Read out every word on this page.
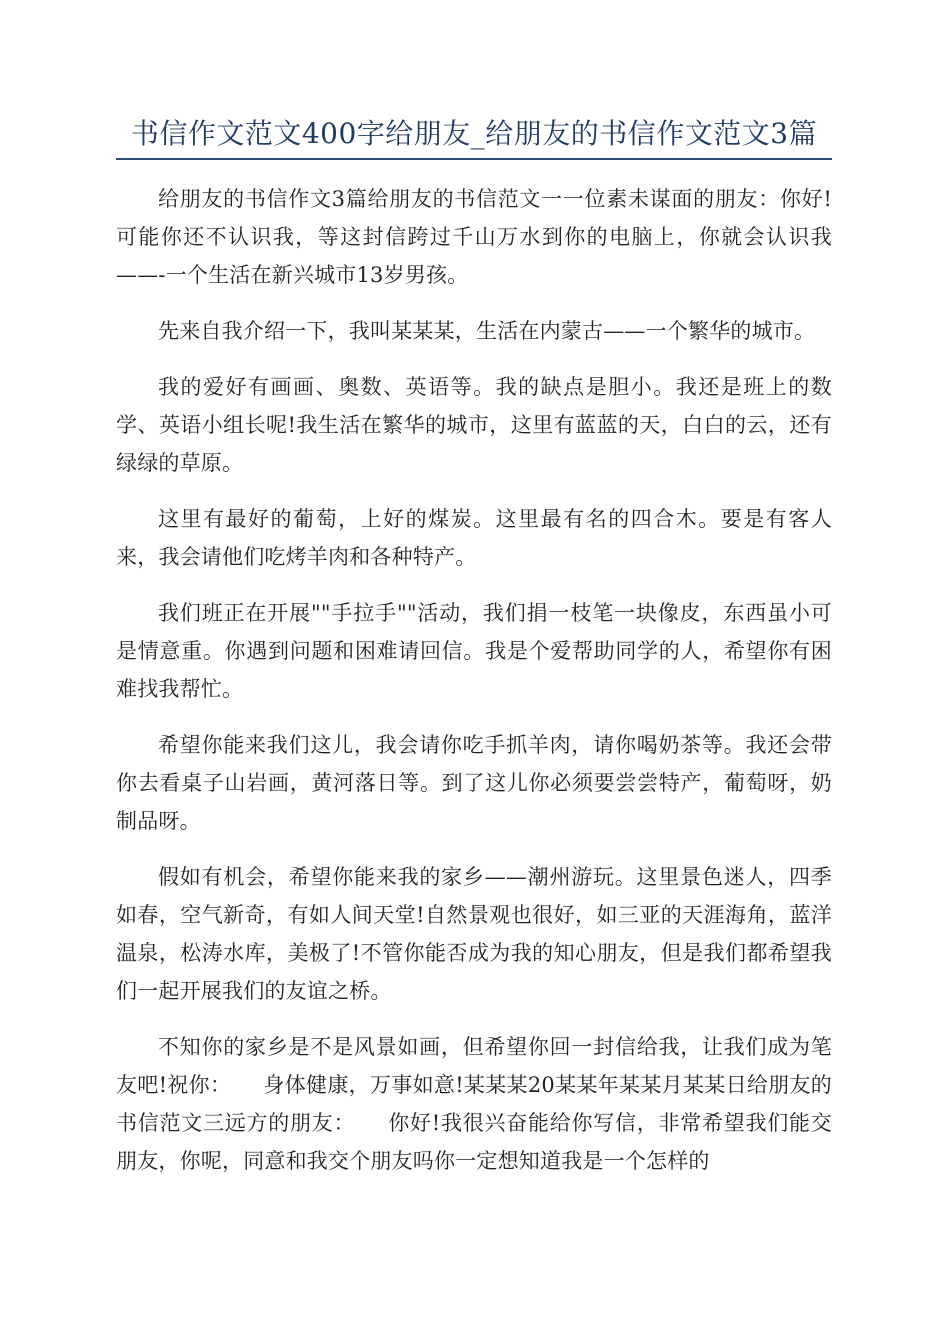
书信作文范文400字给朋友_给朋友的书信作文范文3篇

给朋友的书信作文3篇给朋友的书信范文一一位素未谋面的朋友：你好!可能你还不认识我，等这封信跨过千山万水到你的电脑上，你就会认识我——-一个生活在新兴城市13岁男孩。

先来自我介绍一下，我叫某某某，生活在内蒙古——一个繁华的城市。

我的爱好有画画、奥数、英语等。我的缺点是胆小。我还是班上的数学、英语小组长呢!我生活在繁华的城市，这里有蓝蓝的天，白白的云，还有绿绿的草原。

这里有最好的葡萄，上好的煤炭。这里最有名的四合木。要是有客人来，我会请他们吃烤羊肉和各种特产。

我们班正在开展""手拉手""活动，我们捐一枝笔一块像皮，东西虽小可是情意重。你遇到问题和困难请回信。我是个爱帮助同学的人，希望你有困难找我帮忙。

希望你能来我们这儿，我会请你吃手抓羊肉，请你喝奶茶等。我还会带你去看桌子山岩画，黄河落日等。到了这儿你必须要尝尝特产，葡萄呀，奶制品呀。

假如有机会，希望你能来我的家乡——潮州游玩。这里景色迷人，四季如春，空气新奇，有如人间天堂!自然景观也很好，如三亚的天涯海角，蓝洋温泉，松涛水库，美极了!不管你能否成为我的知心朋友，但是我们都希望我们一起开展我们的友谊之桥。

不知你的家乡是不是风景如画，但希望你回一封信给我，让我们成为笔友吧!祝你：　　身体健康，万事如意!某某某20某某年某某月某某日给朋友的书信范文三远方的朋友：　　你好!我很兴奋能给你写信，非常希望我们能交朋友，你呢，同意和我交个朋友吗你一定想知道我是一个怎样的
